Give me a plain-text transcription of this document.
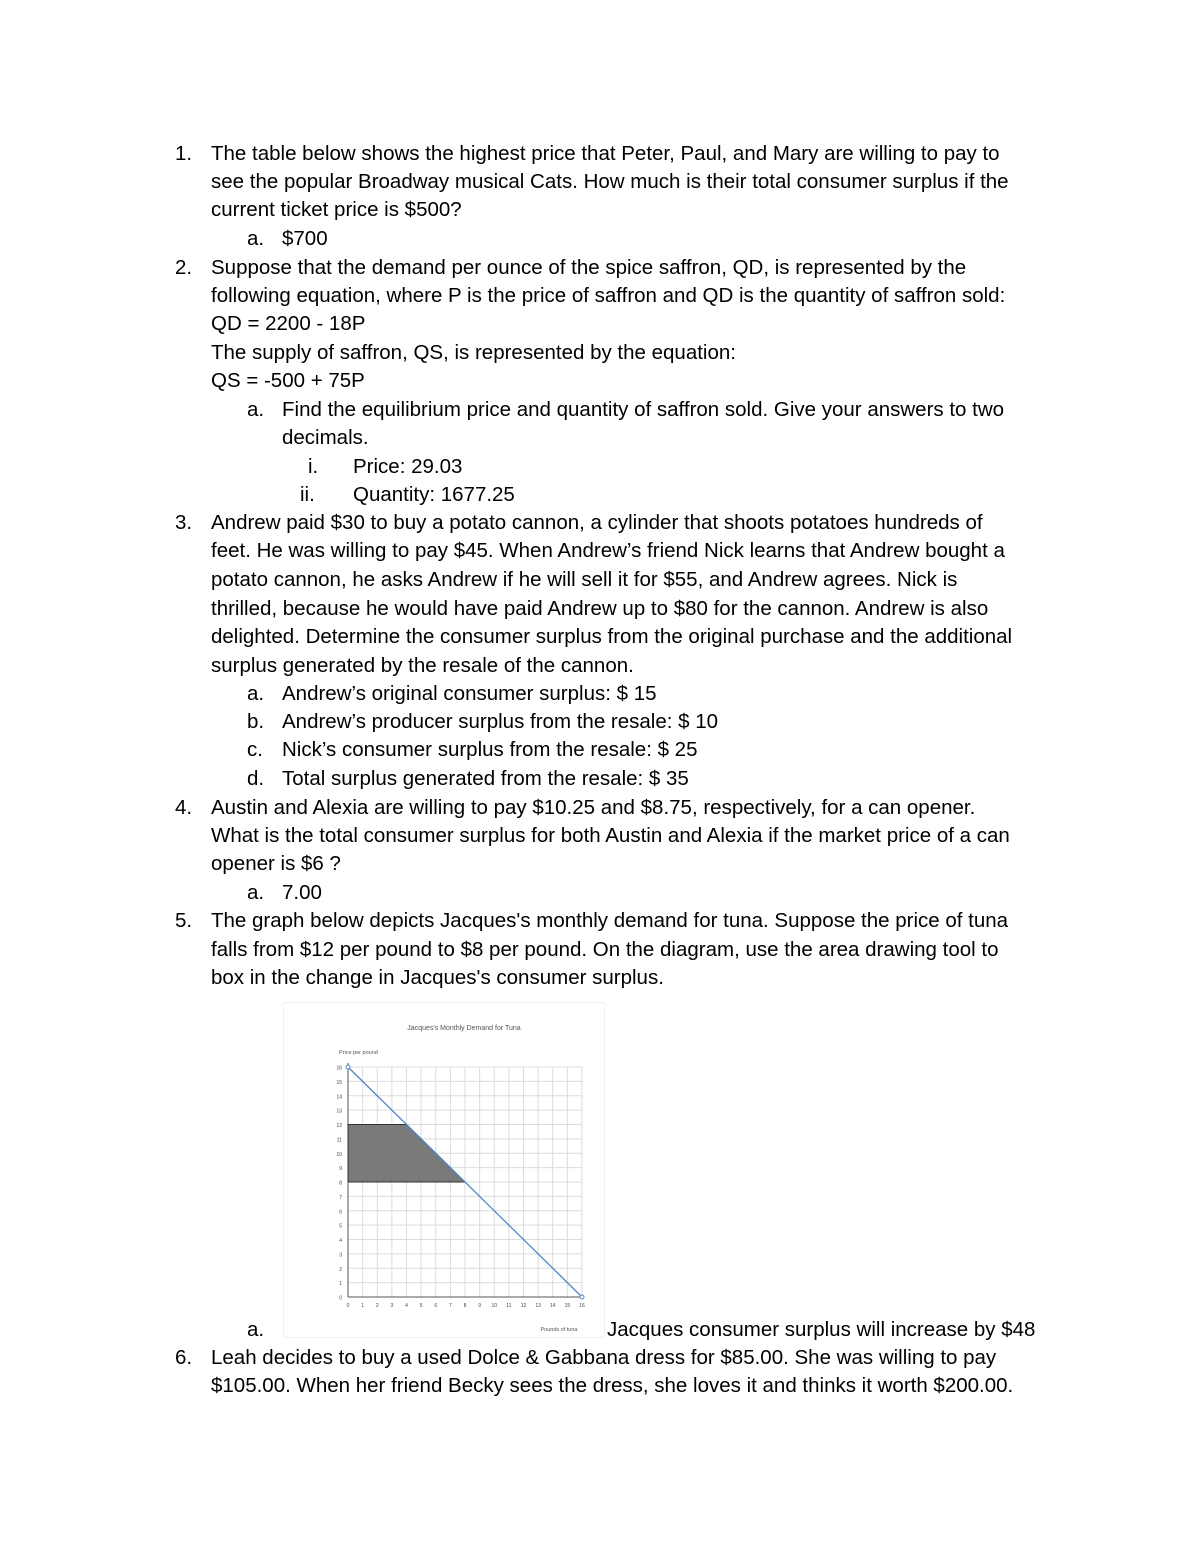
0
1
2
3
4
5
6
7
8
9
10
11
12
13
14
15
16
0 1 2 3 4 5 6 7 8 9 10 11 12 13 14 15 16
Jacques's Monthly Demand for Tuna
Price per pound
Pounds of tuna
1. The table below shows the highest price that Peter, Paul, and Mary are willing to pay to
see the popular Broadway musical Cats. How much is their total consumer surplus if the
current ticket price is $500?
a. $700
2. Suppose that the demand per ounce of the spice saffron, QD, is represented by the
following equation, where P is the price of saffron and QD is the quantity of saffron sold:
QD = 2200 - 18P
The supply of saffron, QS, is represented by the equation:
QS = -500 + 75P
a. Find the equilibrium price and quantity of saffron sold. Give your answers to two
decimals.
i. Price: 29.03
ii. Quantity: 1677.25
3. Andrew paid $30 to buy a potato cannon, a cylinder that shoots potatoes hundreds of
feet. He was willing to pay $45. When Andrew’s friend Nick learns that Andrew bought a
potato cannon, he asks Andrew if he will sell it for $55, and Andrew agrees. Nick is
thrilled, because he would have paid Andrew up to $80 for the cannon. Andrew is also
delighted. Determine the consumer surplus from the original purchase and the additional
surplus generated by the resale of the cannon.
a. Andrew’s original consumer surplus: $ 15
b. Andrew’s producer surplus from the resale: $ 10
c. Nick’s consumer surplus from the resale: $ 25
d. Total surplus generated from the resale: $ 35
4. Austin and Alexia are willing to pay $10.25 and $8.75, respectively, for a can opener.
What is the total consumer surplus for both Austin and Alexia if the market price of a can
opener is $6 ?
a. 7.00
5. The graph below depicts Jacques's monthly demand for tuna. Suppose the price of tuna
falls from $12 per pound to $8 per pound. On the diagram, use the area drawing tool to
box in the change in Jacques's consumer surplus.
a.	Jacques consumer surplus will increase by $48
6. Leah decides to buy a used Dolce & Gabbana dress for $85.00. She was willing to pay
$105.00. When her friend Becky sees the dress, she loves it and thinks it worth $200.00.
